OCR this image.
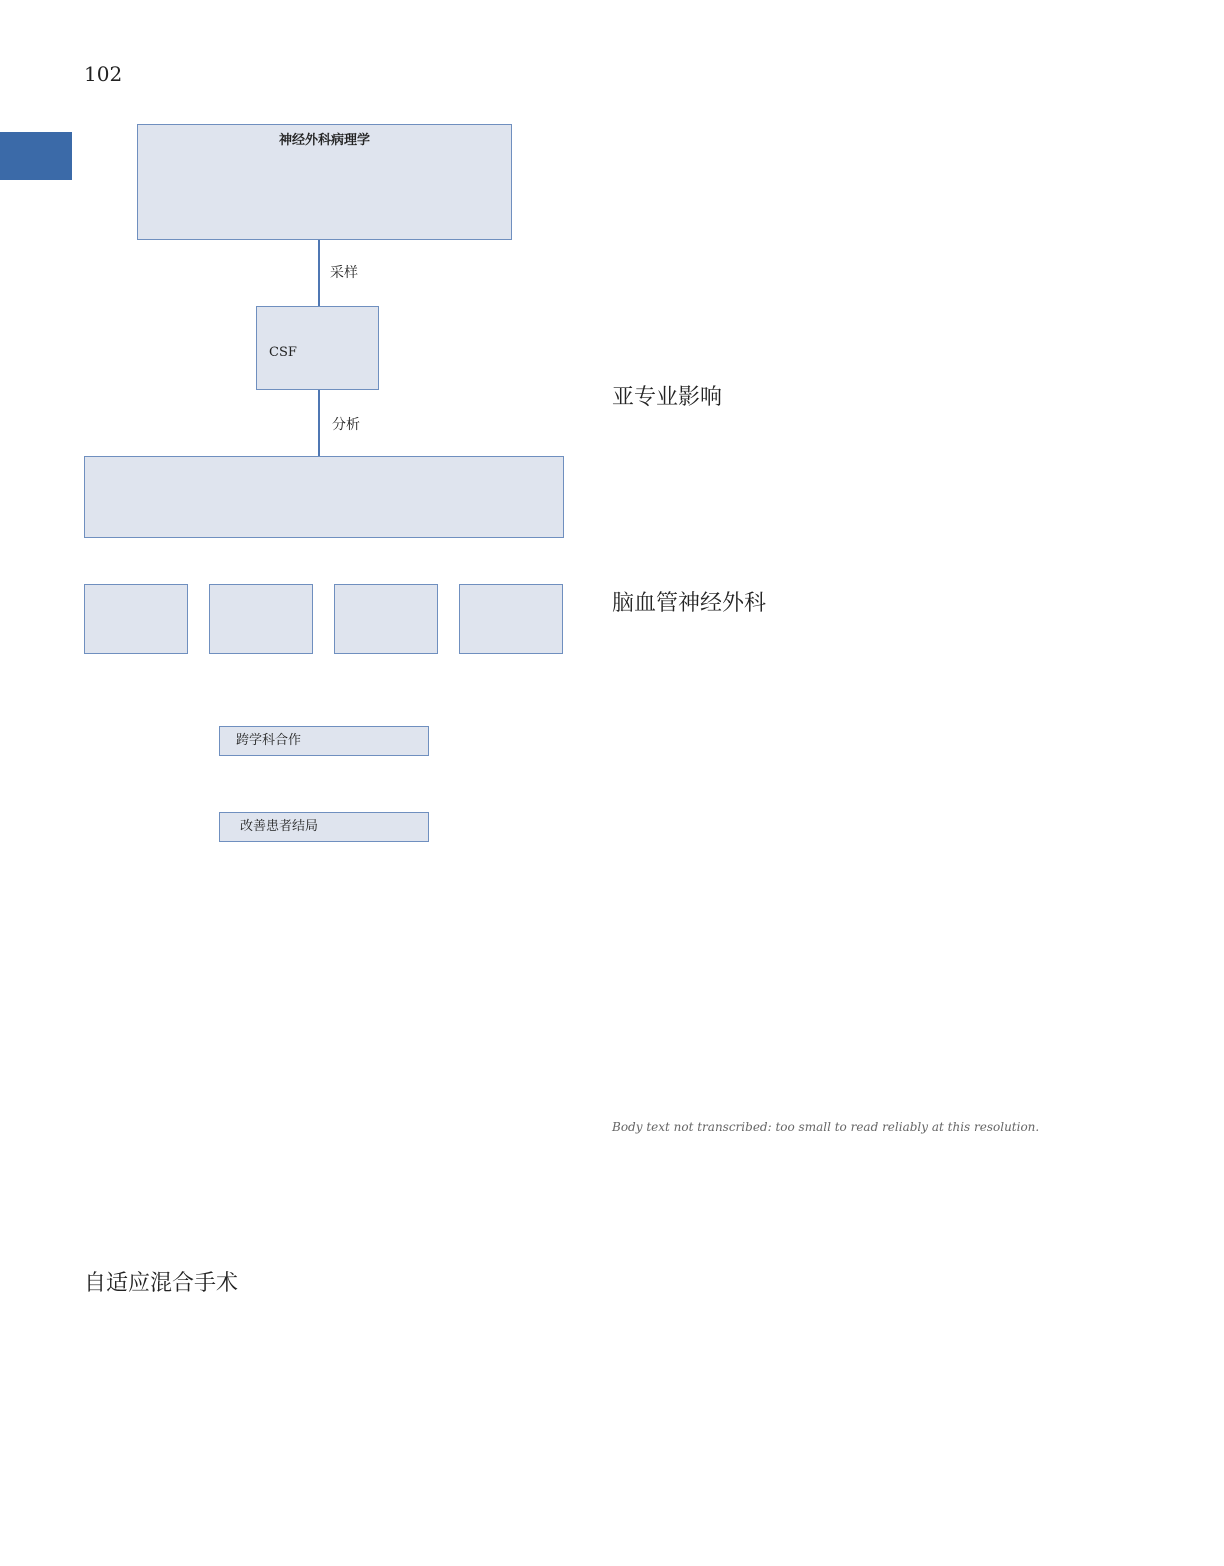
102
神经外科病理学
采样
CSF
分析
跨学科合作
改善患者结局
亚专业影响
脑血管神经外科
自适应混合手术
Body text not transcribed: too small to read reliably at this resolution.
